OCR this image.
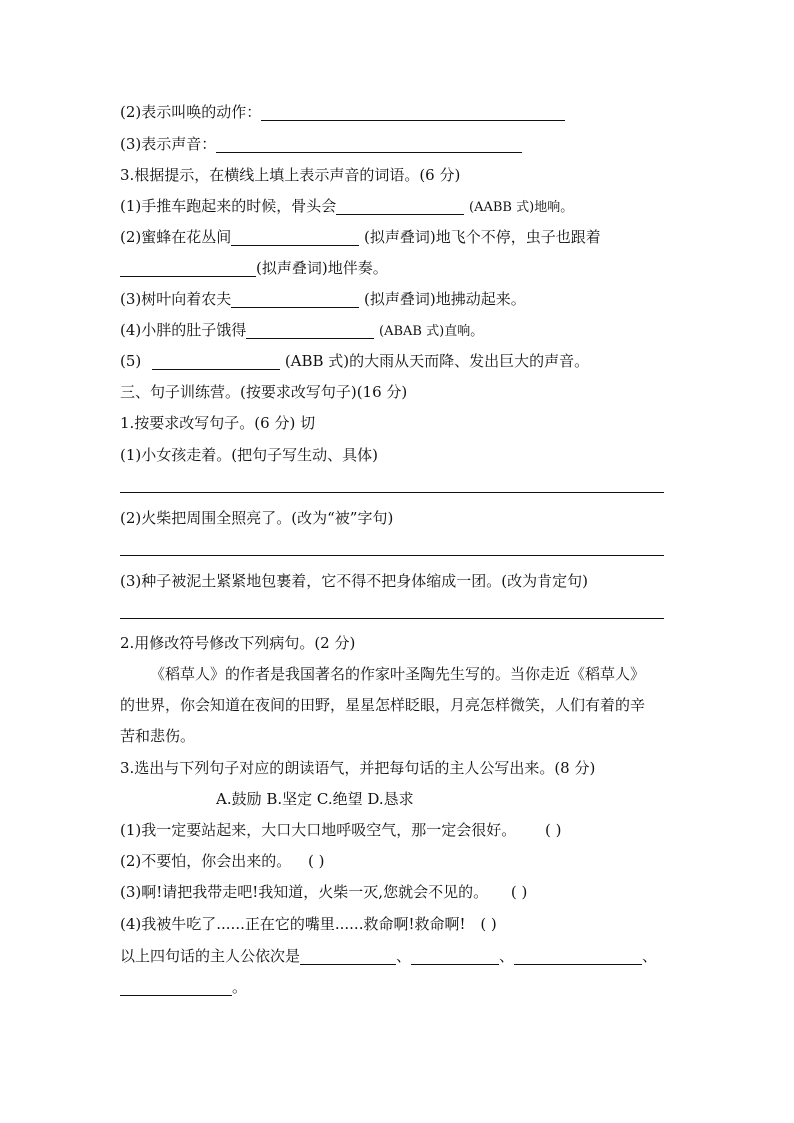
(2)表示叫唤的动作：
(3)表示声音：
3.根据提示，在横线上填上表示声音的词语。(6 分)
(1)手推车跑起来的时候，骨头会	(AABB 式)地响。
(2)蜜蜂在花丛间	(拟声叠词)地飞个不停，虫子也跟着
(拟声叠词)地伴奏。
(3)树叶向着农夫	(拟声叠词)地拂动起来。
(4)小胖的肚子饿得	(ABAB 式)直响。
(5)	(ABB 式)的大雨从天而降、发出巨大的声音。
三、句子训练营。(按要求改写句子)(16 分)
1.按要求改写句子。(6 分) 切
(1)小女孩走着。(把句子写生动、具体)
(2)火柴把周围全照亮了。(改为“被”字句)
(3)种子被泥土紧紧地包裹着，它不得不把身体缩成一团。(改为肯定句)
2.用修改符号修改下列病句。(2 分)
《稻草人》的作者是我国著名的作家叶圣陶先生写的。当你走近《稻草人》
的世界，你会知道在夜间的田野，星星怎样眨眼，月亮怎样微笑，人们有着的辛
苦和悲伤。
3.选出与下列句子对应的朗读语气，并把每句话的主人公写出来。(8 分)
A.鼓励 B.坚定 C.绝望 D.恳求
(1)我一定要站起来，大口大口地呼吸空气，那一定会很好。 ( )
(2)不要怕，你会出来的。 ( )
(3)啊!请把我带走吧!我知道，火柴一灭,您就会不见的。 ( )
(4)我被牛吃了......正在它的嘴里......救命啊!救命啊! ( )
以上四句话的主人公依次是	、	、	、
。
